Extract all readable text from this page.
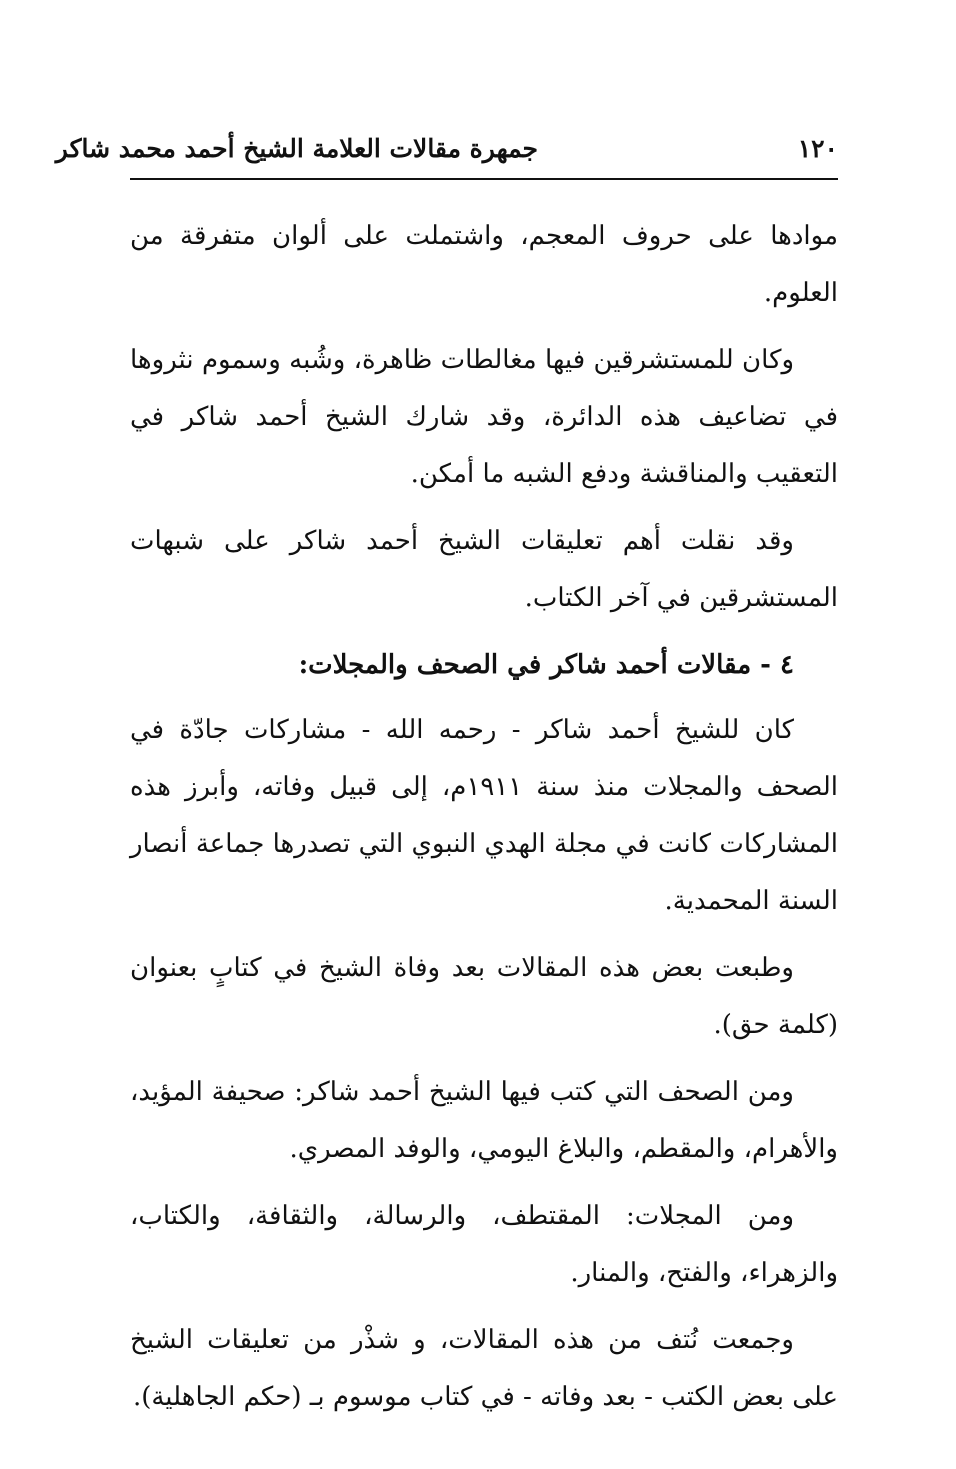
١٢٠
جمهرة مقالات العلامة الشيخ أحمد محمد شاكر

موادها على حروف المعجم، واشتملت على ألوان متفرقة من العلوم.

وكان للمستشرقين فيها مغالطات ظاهرة، وشُبه وسموم نثروها في تضاعيف هذه الدائرة، وقد شارك الشيخ أحمد شاكر في التعقيب والمناقشة ودفع الشبه ما أمكن.

وقد نقلت أهم تعليقات الشيخ أحمد شاكر على شبهات المستشرقين في آخر الكتاب.

٤ - مقالات أحمد شاكر في الصحف والمجلات:

كان للشيخ أحمد شاكر - رحمه الله - مشاركات جادّة في الصحف والمجلات منذ سنة ١٩١١م، إلى قبيل وفاته، وأبرز هذه المشاركات كانت في مجلة الهدي النبوي التي تصدرها جماعة أنصار السنة المحمدية.

وطبعت بعض هذه المقالات بعد وفاة الشيخ في كتابٍ بعنوان (كلمة حق).

ومن الصحف التي كتب فيها الشيخ أحمد شاكر: صحيفة المؤيد، والأهرام، والمقطم، والبلاغ اليومي، والوفد المصري.

ومن المجلات: المقتطف، والرسالة، والثقافة، والكتاب، والزهراء، والفتح، والمنار.

وجمعت نُتف من هذه المقالات، و شذْر من تعليقات الشيخ على بعض الكتب - بعد وفاته - في كتاب موسوم بـ (حكم الجاهلية).
